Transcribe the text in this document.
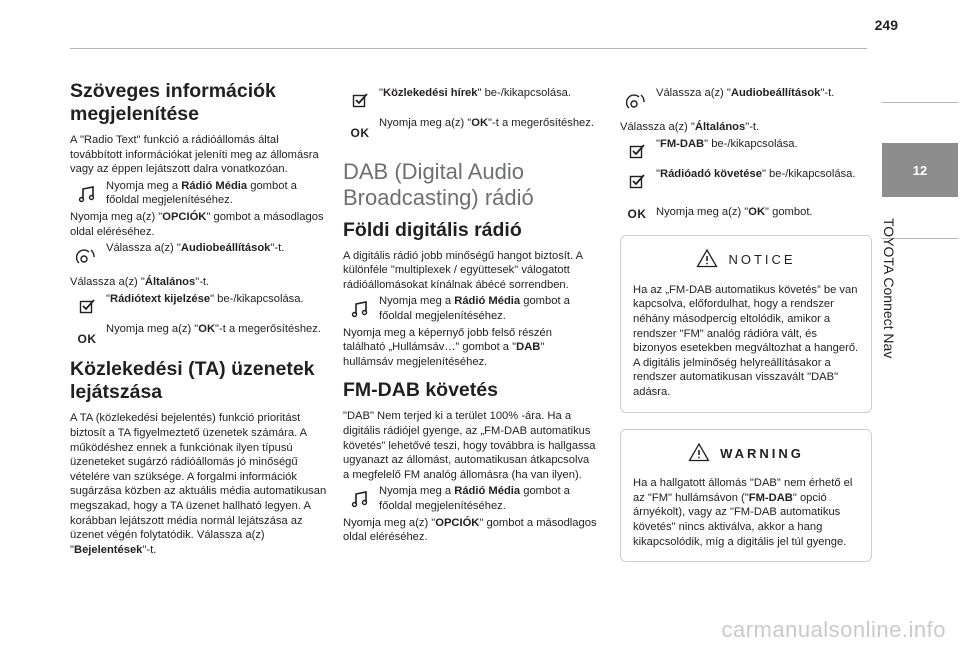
249
12
TOYOTA Connect Nav
Szöveges információk megjelenítése

A "Radio Text" funkció a rádióállomás által továbbított információkat jeleníti meg az állomásra vagy az éppen lejátszott dalra vonatkozóan.

Nyomja meg a Rádió Média gombot a főoldal megjelenítéséhez.

Nyomja meg a(z) "OPCIÓK" gombot a másodlagos oldal eléréséhez.

Válassza a(z) "Audiobeállítások"-t.

Válassza a(z) "Általános"-t.

"Rádiótext kijelzése" be-/kikapcsolása.
OK
Nyomja meg a(z) "OK"-t a megerősítéshez.
Közlekedési (TA) üzenetek lejátszása

A TA (közlekedési bejelentés) funkció prioritást biztosít a TA figyelmeztető üzenetek számára. A működéshez ennek a funkciónak ilyen típusú üzeneteket sugárzó rádióállomás jó minőségű vételére van szüksége. A forgalmi információk sugárzása közben az aktuális média automatikusan megszakad, hogy a TA üzenet hallható legyen. A korábban lejátszott média normál lejátszása az üzenet végén folytatódik. Válassza a(z) "Bejelentések"-t.

"Közlekedési hírek" be-/kikapcsolása.
OK
Nyomja meg a(z) "OK"-t a megerősítéshez.
DAB (Digital Audio Broadcasting) rádió
Földi digitális rádió

A digitális rádió jobb minőségű hangot biztosít. A különféle "multiplexek / együttesek" válogatott rádióállomásokat kínálnak ábécé sorrendben.

Nyomja meg a Rádió Média gombot a főoldal megjelenítéséhez.

Nyomja meg a képernyő jobb felső részén található „Hullámsáv…” gombot a "DAB" hullámsáv megjelenítéséhez.

FM-DAB követés

"DAB" Nem terjed ki a terület 100% -ára. Ha a digitális rádiójel gyenge, az „FM-DAB automatikus követés” lehetővé teszi, hogy továbbra is hallgassa ugyanazt az állomást, automatikusan átkapcsolva a megfelelő FM analóg állomásra (ha van ilyen).

Nyomja meg a Rádió Média gombot a főoldal megjelenítéséhez.

Nyomja meg a(z) "OPCIÓK" gombot a másodlagos oldal eléréséhez.

Válassza a(z) "Audiobeállítások"-t.

Válassza a(z) "Általános"-t.

"FM-DAB" be-/kikapcsolása.
"Rádióadó követése" be-/kikapcsolása.
OK Nyomja meg a(z) "OK" gombot.
NOTICE

Ha az „FM-DAB automatikus követés” be van kapcsolva, előfordulhat, hogy a rendszer néhány másodpercig eltolódik, amikor a rendszer "FM" analóg rádióra vált, és bizonyos esetekben megváltozhat a hangerő. A digitális jelminőség helyreállításakor a rendszer automatikusan visszavált "DAB" adásra.

WARNING

Ha a hallgatott állomás "DAB" nem érhető el az "FM" hullámsávon ("FM-DAB" opció árnyékolt), vagy az "FM-DAB automatikus követés" nincs aktiválva, akkor a hang kikapcsolódik, míg a digitális jel túl gyenge.

carmanualsonline.info
